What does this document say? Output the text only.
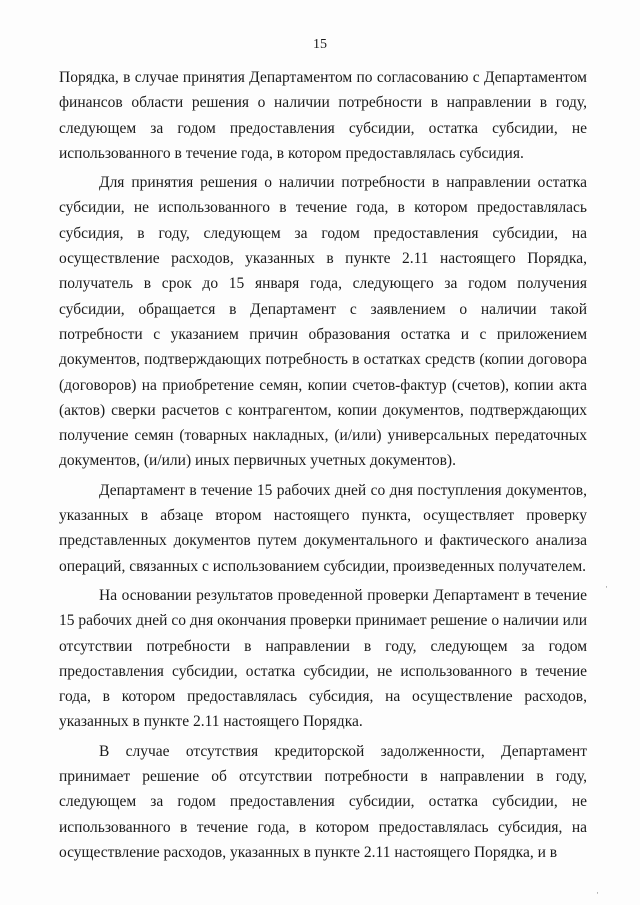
15

Порядка, в случае принятия Департаментом по согласованию с Департаментом финансов области решения о наличии потребности в направлении в году, следующем за годом предоставления субсидии, остатка субсидии, не использованного в течение года, в котором предоставлялась субсидия.

Для принятия решения о наличии потребности в направлении остатка субсидии, не использованного в течение года, в котором предоставлялась субсидия, в году, следующем за годом предоставления субсидии, на осуществление расходов, указанных в пункте 2.11 настоящего Порядка, получатель в срок до 15 января года, следующего за годом получения субсидии, обращается в Департамент с заявлением о наличии такой потребности с указанием причин образования остатка и с приложением документов, подтверждающих потребность в остатках средств (копии договора (договоров) на приобретение семян, копии счетов-фактур (счетов), копии акта (актов) сверки расчетов с контрагентом, копии документов, подтверждающих получение семян (товарных накладных, (и/или) универсальных передаточных документов, (и/или) иных первичных учетных документов).

Департамент в течение 15 рабочих дней со дня поступления документов, указанных в абзаце втором настоящего пункта, осуществляет проверку представленных документов путем документального и фактического анализа операций, связанных с использованием субсидии, произведенных получателем.

На основании результатов проведенной проверки Департамент в течение 15 рабочих дней со дня окончания проверки принимает решение о наличии или отсутствии потребности в направлении в году, следующем за годом предоставления субсидии, остатка субсидии, не использованного в течение года, в котором предоставлялась субсидия, на осуществление расходов, указанных в пункте 2.11 настоящего Порядка.

В случае отсутствия кредиторской задолженности, Департамент принимает решение об отсутствии потребности в направлении в году, следующем за годом предоставления субсидии, остатка субсидии, не использованного в течение года, в котором предоставлялась субсидия, на осуществление расходов, указанных в пункте 2.11 настоящего Порядка, и в

·
·
